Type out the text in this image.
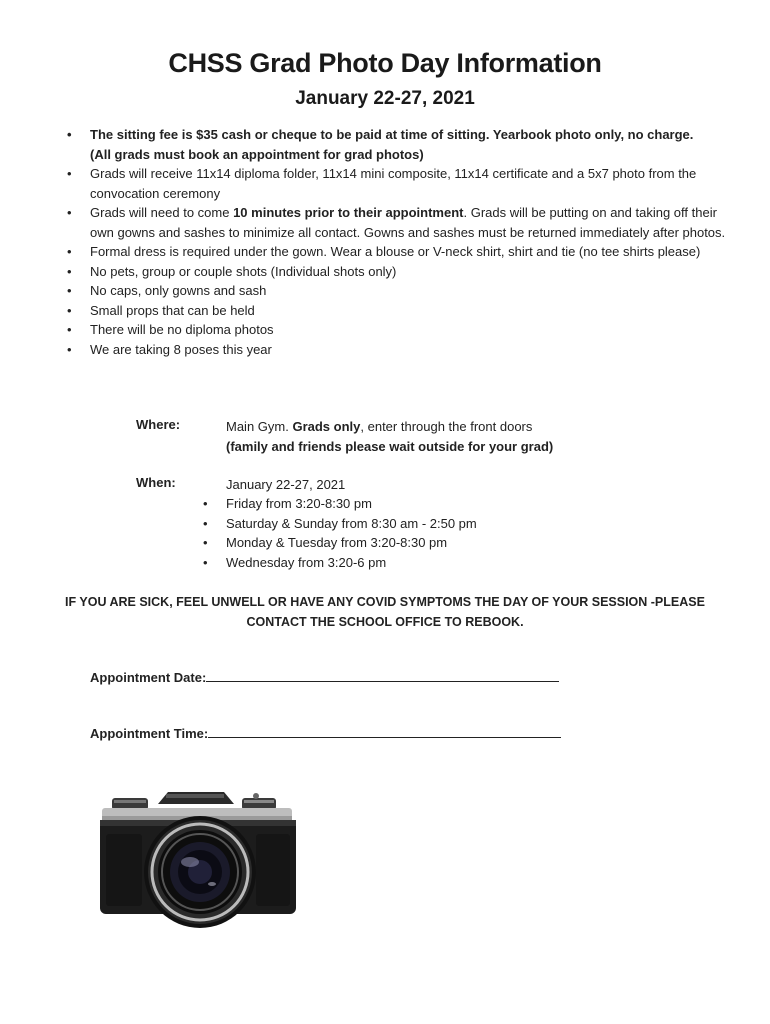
CHSS Grad Photo Day Information
January 22-27, 2021
• The sitting fee is $35 cash or cheque to be paid at time of sitting. Yearbook photo only, no charge.
(All grads must book an appointment for grad photos)
• Grads will receive 11x14 diploma folder, 11x14 mini composite, 11x14 certificate and a 5x7 photo from the convocation ceremony
• Grads will need to come 10 minutes prior to their appointment. Grads will be putting on and taking off their own gowns and sashes to minimize all contact. Gowns and sashes must be returned immediately after photos.
• Formal dress is required under the gown. Wear a blouse or V-neck shirt, shirt and tie (no tee shirts please)
• No pets, group or couple shots (Individual shots only)
• No caps, only gowns and sash
• Small props that can be held
• There will be no diploma photos
• We are taking 8 poses this year
Where:	Main Gym. Grads only, enter through the front doors
(family and friends please wait outside for your grad)
When:	January 22-27, 2021
• Friday from 3:20-8:30 pm
• Saturday & Sunday from 8:30 am - 2:50 pm
• Monday & Tuesday from 3:20-8:30 pm
• Wednesday from 3:20-6 pm
IF YOU ARE SICK, FEEL UNWELL OR HAVE ANY COVID SYMPTOMS THE DAY OF YOUR SESSION -PLEASE
CONTACT THE SCHOOL OFFICE TO REBOOK.
Appointment Date:
Appointment Time:
